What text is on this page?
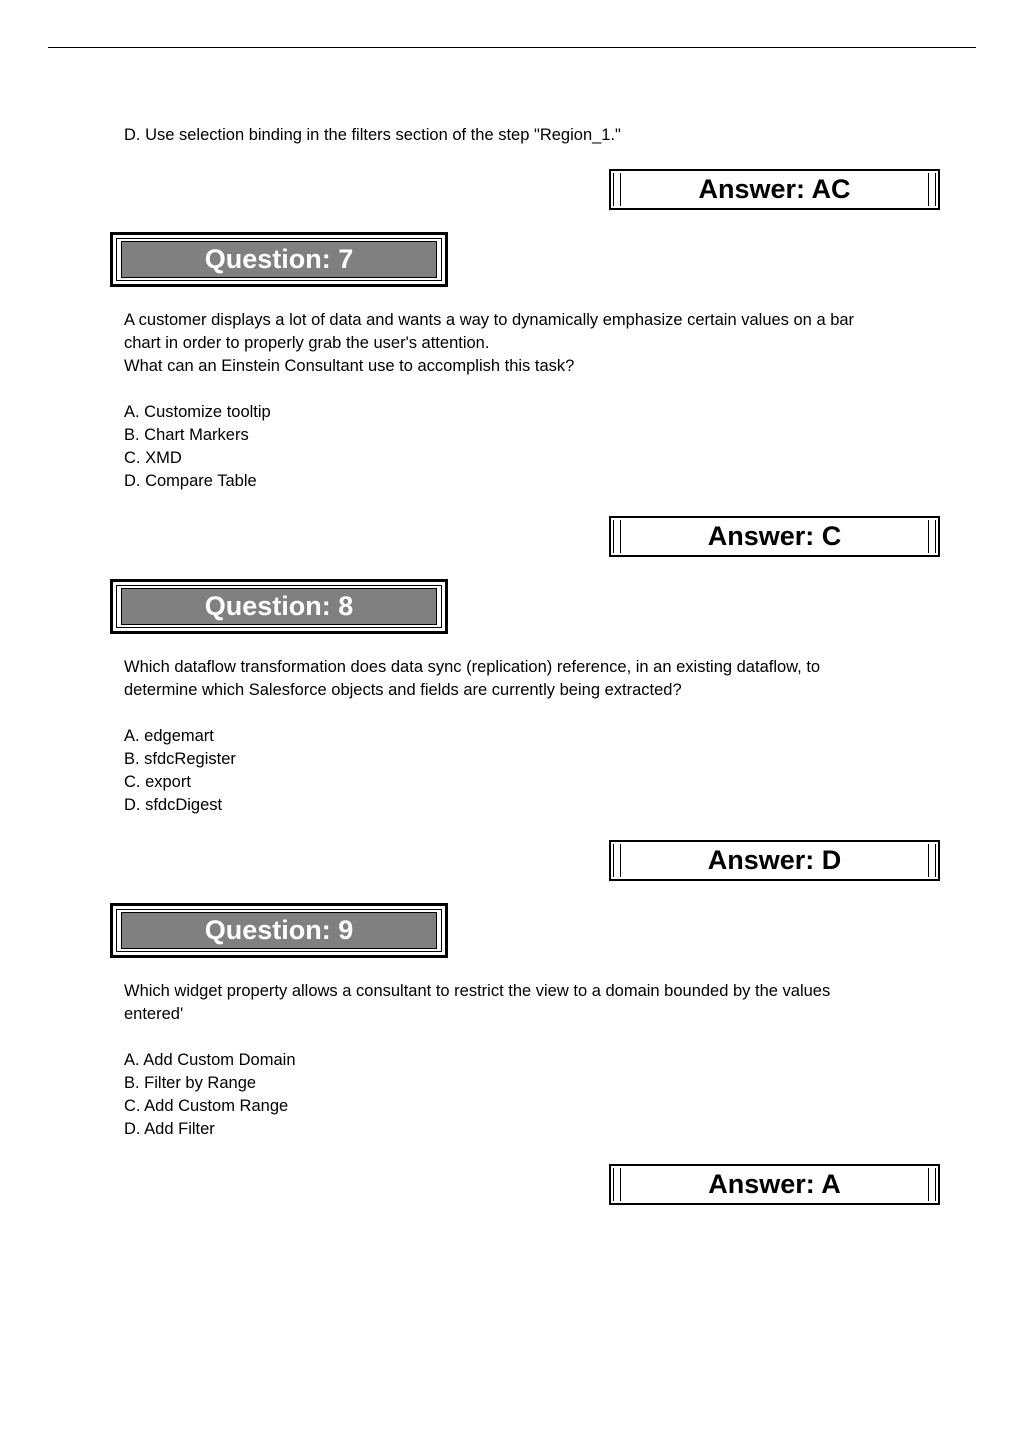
D. Use selection binding in the filters section of the step "Region_1."
Answer: AC
Question: 7
A customer displays a lot of data and wants a way to dynamically emphasize certain values on a bar
chart in order to properly grab the user's attention.
What can an Einstein Consultant use to accomplish this task?
A. Customize tooltip
B. Chart Markers
C. XMD
D. Compare Table
Answer: C
Question: 8
Which dataflow transformation does data sync (replication) reference, in an existing dataflow, to
determine which Salesforce objects and fields are currently being extracted?
A. edgemart
B. sfdcRegister
C. export
D. sfdcDigest
Answer: D
Question: 9
Which widget property allows a consultant to restrict the view to a domain bounded by the values
entered'
A. Add Custom Domain
B. Filter by Range
C. Add Custom Range
D. Add Filter
Answer: A
